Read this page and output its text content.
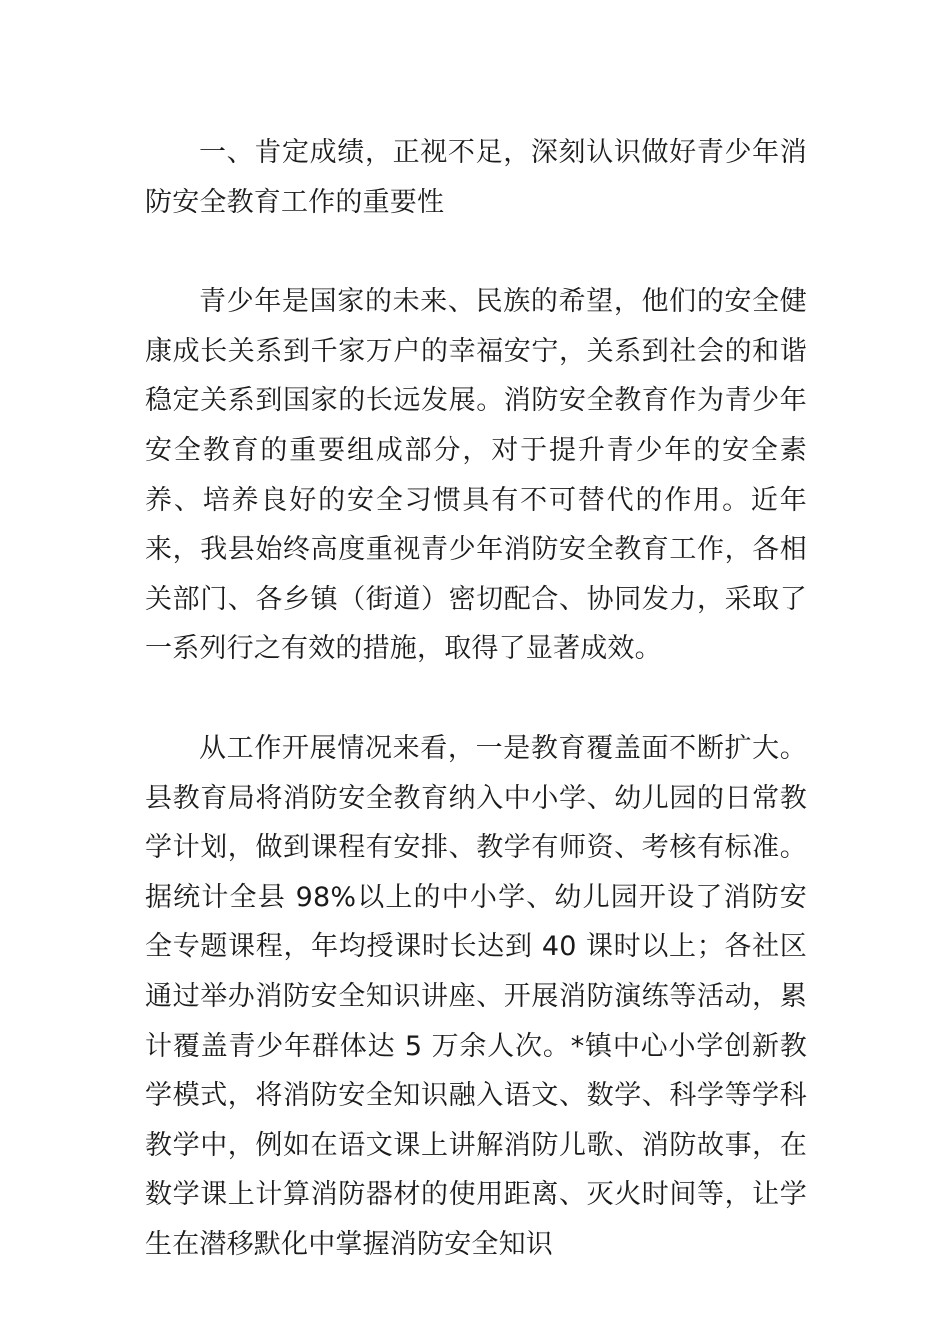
一、肯定成绩，正视不足，深刻认识做好青少年消防安全教育工作的重要性

青少年是国家的未来、民族的希望，他们的安全健康成长关系到千家万户的幸福安宁，关系到社会的和谐稳定关系到国家的长远发展。消防安全教育作为青少年安全教育的重要组成部分，对于提升青少年的安全素养、培养良好的安全习惯具有不可替代的作用。近年来，我县始终高度重视青少年消防安全教育工作，各相关部门、各乡镇（街道）密切配合、协同发力，采取了一系列行之有效的措施，取得了显著成效。

从工作开展情况来看，一是教育覆盖面不断扩大。县教育局将消防安全教育纳入中小学、幼儿园的日常教学计划，做到课程有安排、教学有师资、考核有标准。据统计全县 98%以上的中小学、幼儿园开设了消防安全专题课程，年均授课时长达到 40 课时以上；各社区通过举办消防安全知识讲座、开展消防演练等活动，累计覆盖青少年群体达 5 万余人次。*镇中心小学创新教学模式，将消防安全知识融入语文、数学、科学等学科教学中，例如在语文课上讲解消防儿歌、消防故事，在数学课上计算消防器材的使用距离、灭火时间等，让学生在潜移默化中掌握消防安全知识
